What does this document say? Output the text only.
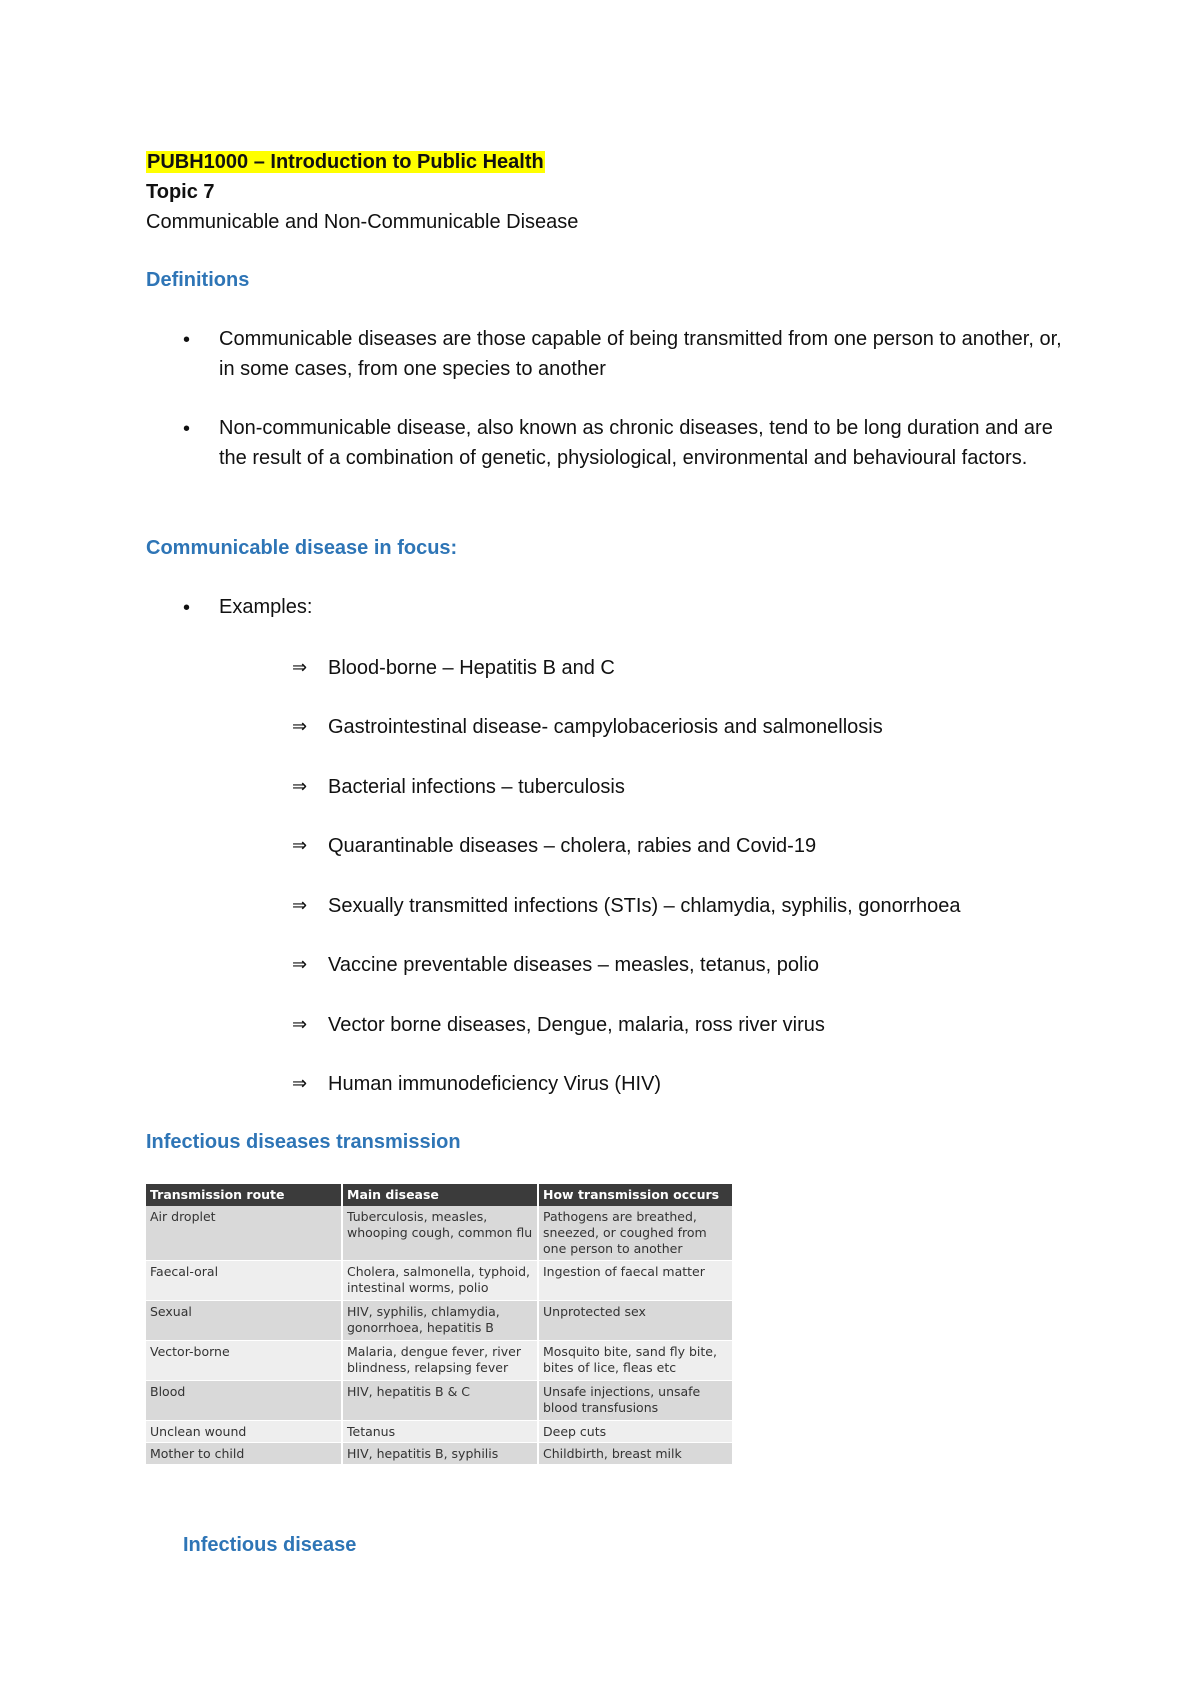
PUBH1000 – Introduction to Public Health
Topic 7
Communicable and Non-Communicable Disease
Definitions
• Communicable diseases are those capable of being transmitted from one person to another, or, in some cases, from one species to another
• Non-communicable disease, also known as chronic diseases, tend to be long duration and are the result of a combination of genetic, physiological, environmental and behavioural factors.
Communicable disease in focus:
• Examples:
⇒ Blood-borne – Hepatitis B and C
⇒ Gastrointestinal disease- campylobaceriosis and salmonellosis
⇒ Bacterial infections – tuberculosis
⇒ Quarantinable diseases – cholera, rabies and Covid-19
⇒ Sexually transmitted infections (STIs) – chlamydia, syphilis, gonorrhoea
⇒ Vaccine preventable diseases – measles, tetanus, polio
⇒ Vector borne diseases, Dengue, malaria, ross river virus
⇒ Human immunodeficiency Virus (HIV)
Infectious diseases transmission
Transmission route	Main disease	How transmission occurs
Air droplet	Tuberculosis, measles, whooping cough, common flu	Pathogens are breathed, sneezed, or coughed from one person to another
Faecal-oral	Cholera, salmonella, typhoid, intestinal worms, polio	Ingestion of faecal matter
Sexual	HIV, syphilis, chlamydia, gonorrhoea, hepatitis B	Unprotected sex
Vector-borne	Malaria, dengue fever, river blindness, relapsing fever	Mosquito bite, sand fly bite, bites of lice, fleas etc
Blood	HIV, hepatitis B & C	Unsafe injections, unsafe blood transfusions
Unclean wound	Tetanus	Deep cuts
Mother to child	HIV, hepatitis B, syphilis	Childbirth, breast milk
Infectious disease
